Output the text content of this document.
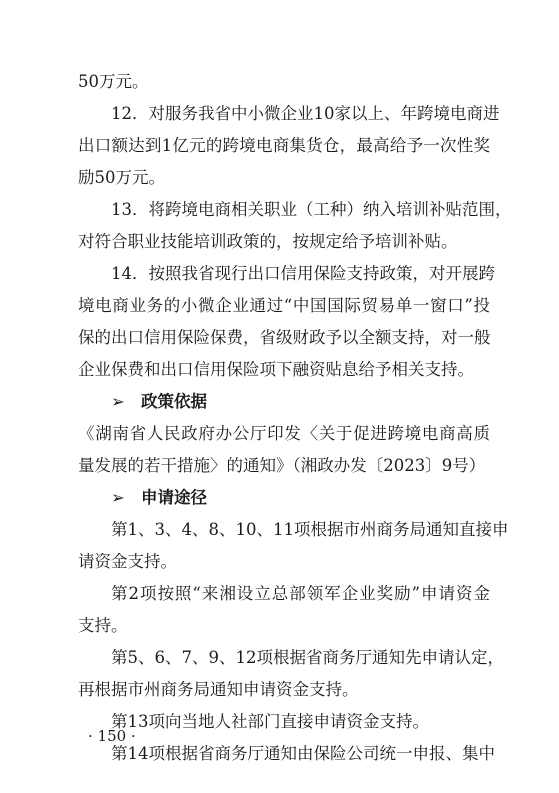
50万元。
12．对服务我省中小微企业10家以上、年跨境电商进
出口额达到1亿元的跨境电商集货仓，最高给予一次性奖
励50万元。
13．将跨境电商相关职业（工种）纳入培训补贴范围，
对符合职业技能培训政策的，按规定给予培训补贴。
14．按照我省现行出口信用保险支持政策，对开展跨
境电商业务的小微企业通过“中国国际贸易单一窗口”投
保的出口信用保险保费，省级财政予以全额支持，对一般
企业保费和出口信用保险项下融资贴息给予相关支持。
➢ 政策依据
《湖南省人民政府办公厅印发〈关于促进跨境电商高质
量发展的若干措施〉的通知》（湘政办发〔2023〕9号）
➢ 申请途径
第1、3、4、8、10、11项根据市州商务局通知直接申
请资金支持。
第2项按照“来湘设立总部领军企业奖励”申请资金
支持。
第5、6、7、9、12项根据省商务厅通知先申请认定，
再根据市州商务局通知申请资金支持。
第13项向当地人社部门直接申请资金支持。
第14项根据省商务厅通知由保险公司统一申报、集中
· 150 ·
